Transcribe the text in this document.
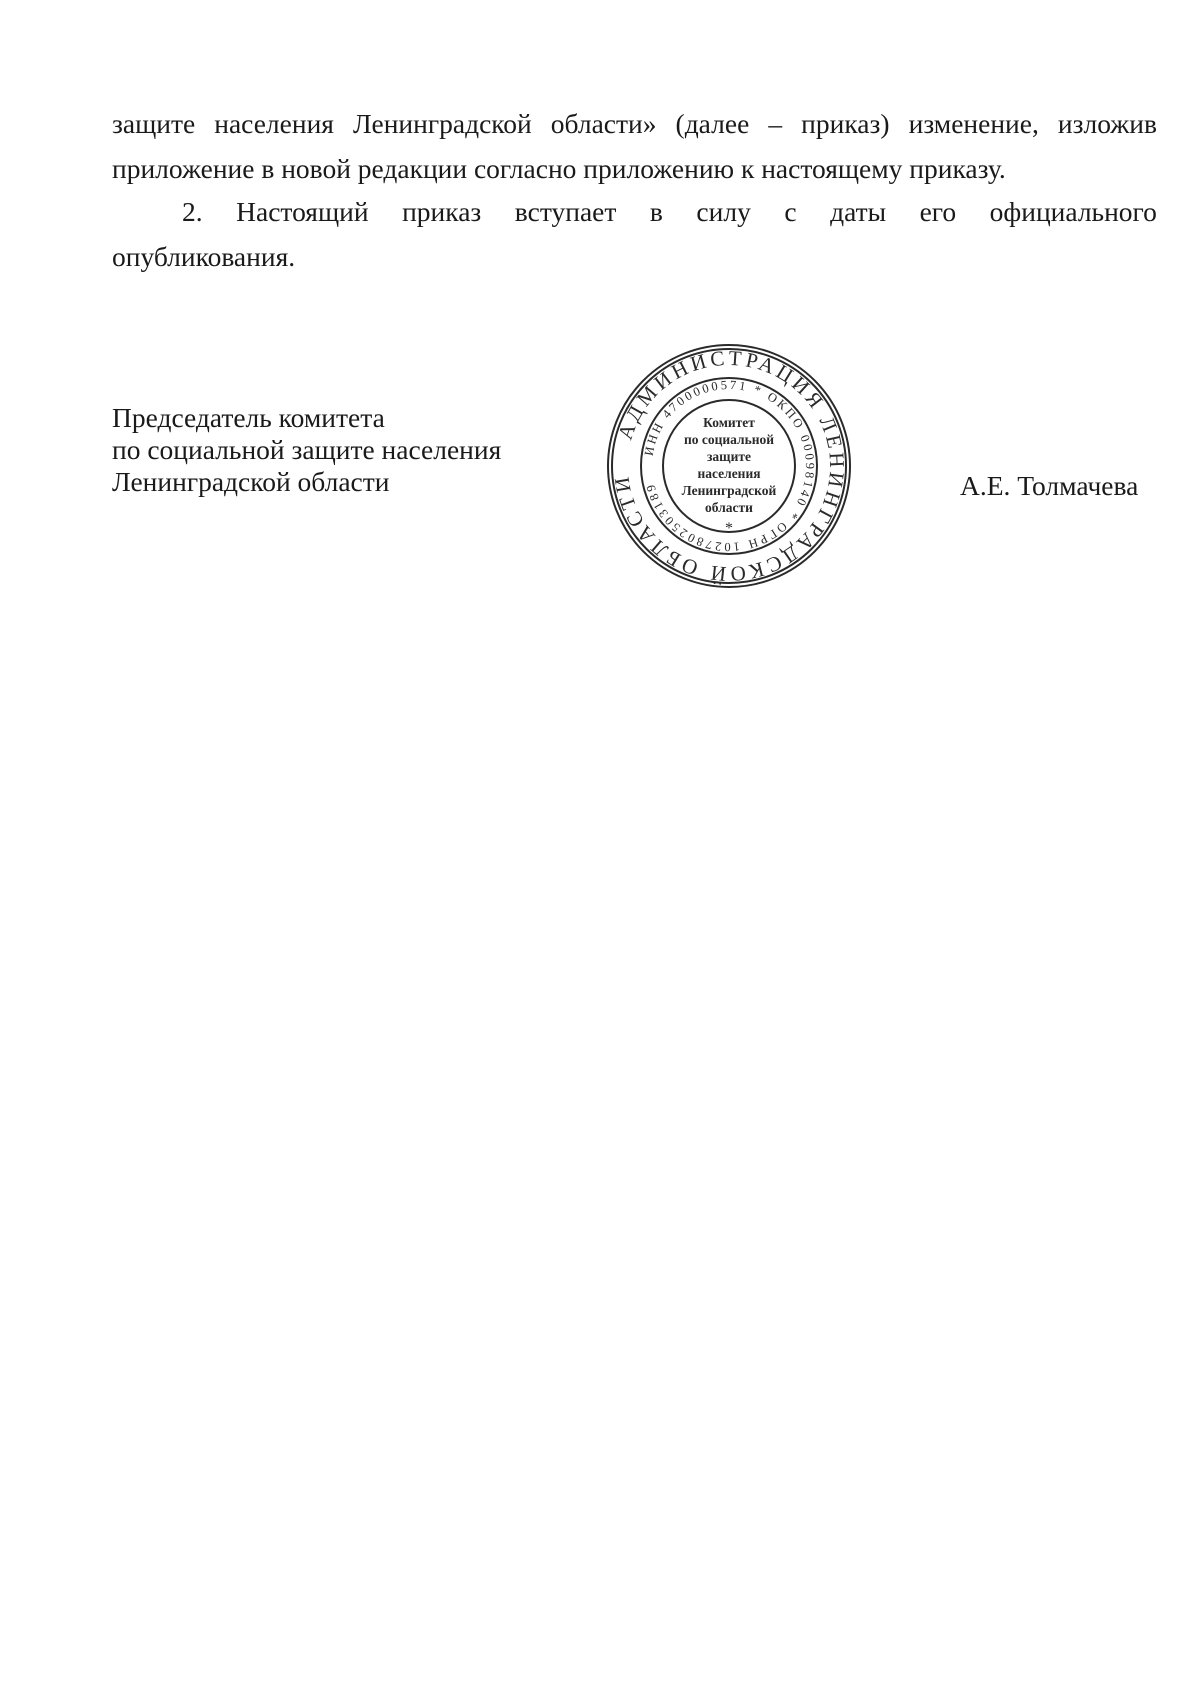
защите населения Ленинградской области» (далее – приказ) изменение, изложив
приложение в новой редакции согласно приложению к настоящему приказу.
2. Настоящий приказ вступает в силу с даты его официального
опубликования.
Председатель комитета
по социальной защите населения
Ленинградской области	А.Е. Толмачева
АДМИНИСТРАЦИЯ ЛЕНИНГРАДСКОЙ ОБЛАСТИ
ИНН 4700000571 * ОКПО 00098140 * ОГРН 1027802503189
Комитет
по социальной
защите
населения
Ленинградской
области
*
